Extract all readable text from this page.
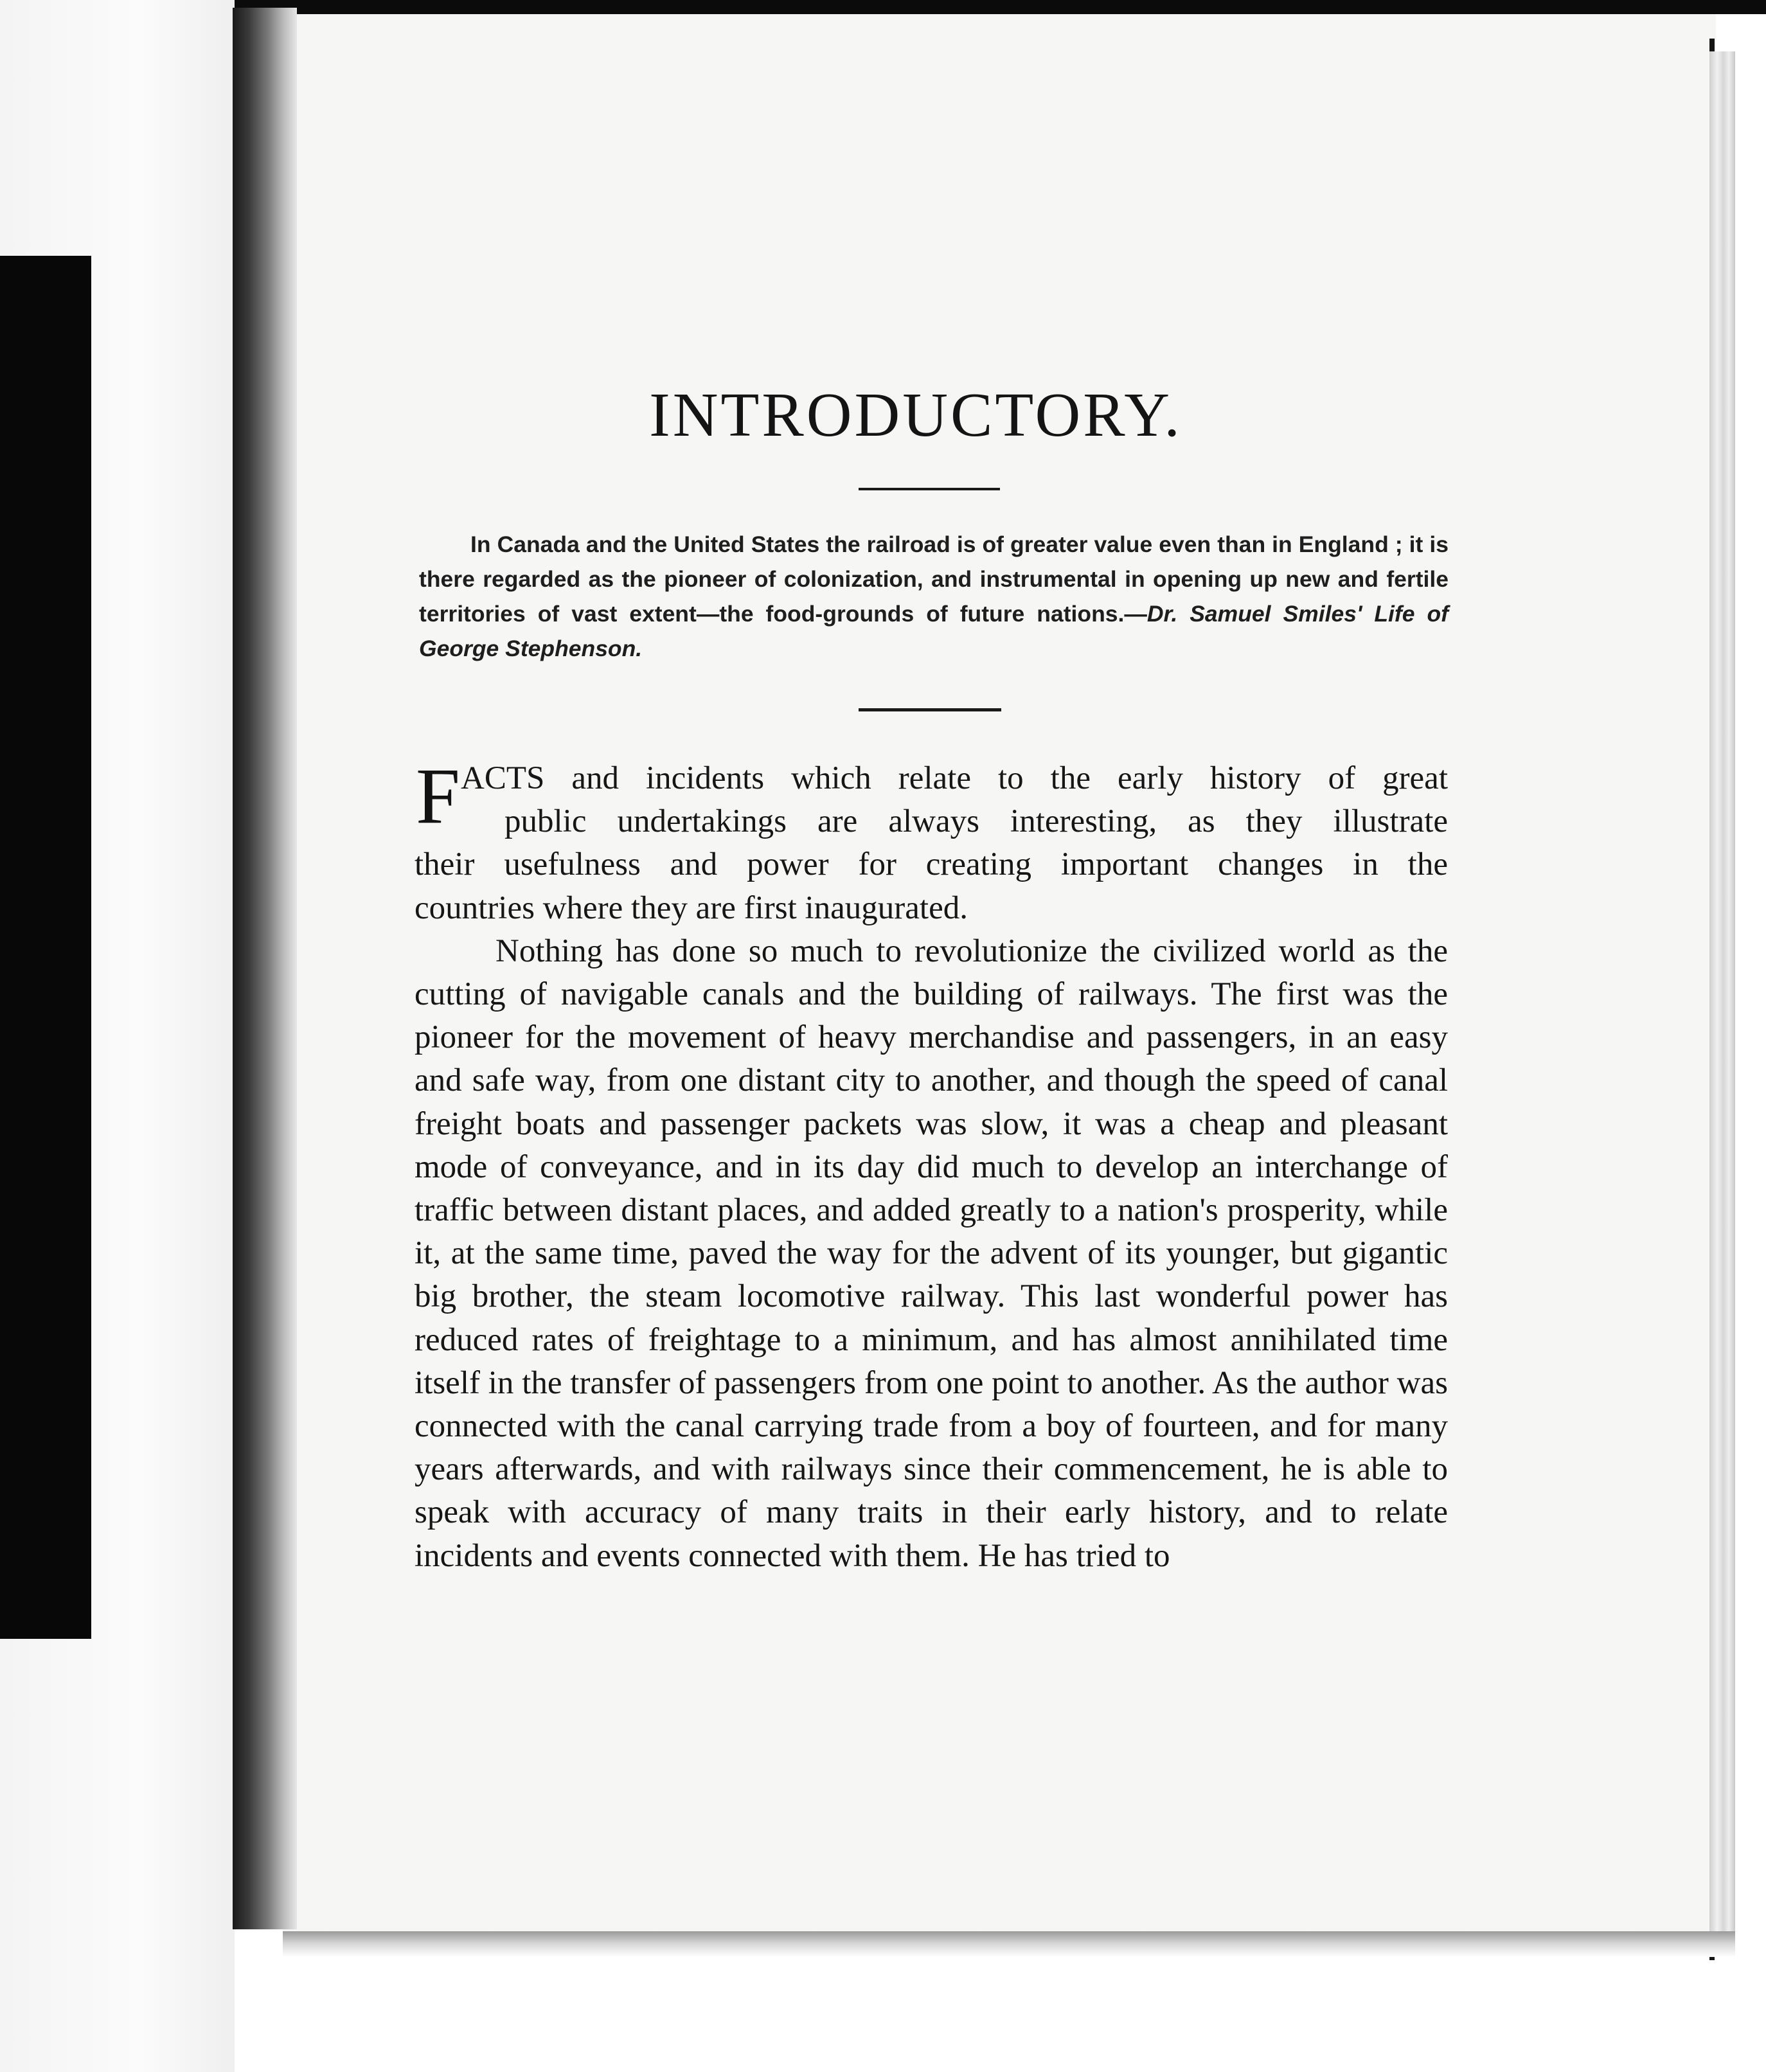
INTRODUCTORY.

In Canada and the United States the railroad is of greater value even than in England ; it is there regarded as the pioneer of colonization, and instrumental in opening up new and fertile territories of vast extent—the food-grounds of future nations.—Dr. Samuel Smiles' Life of George Stephenson.

F ACTS and incidents which relate to the early history of great
public undertakings are always interesting, as they illustrate
their usefulness and power for creating important changes in the
countries where they are first inaugurated.

Nothing has done so much to revolutionize the civilized world as the cutting of navigable canals and the building of railways. The first was the pioneer for the movement of heavy merchandise and passengers, in an easy and safe way, from one distant city to another, and though the speed of canal freight boats and passenger packets was slow, it was a cheap and pleasant mode of conveyance, and in its day did much to develop an interchange of traffic between distant places, and added greatly to a nation's prosperity, while it, at the same time, paved the way for the advent of its younger, but gigantic big brother, the steam locomotive railway. This last wonderful power has reduced rates of freightage to a minimum, and has almost annihilated time itself in the transfer of passengers from one point to another. As the author was connected with the canal carrying trade from a boy of fourteen, and for many years afterwards, and with railways since their commencement, he is able to speak with accuracy of many traits in their early history, and to relate incidents and events connected with them. He has tried to
